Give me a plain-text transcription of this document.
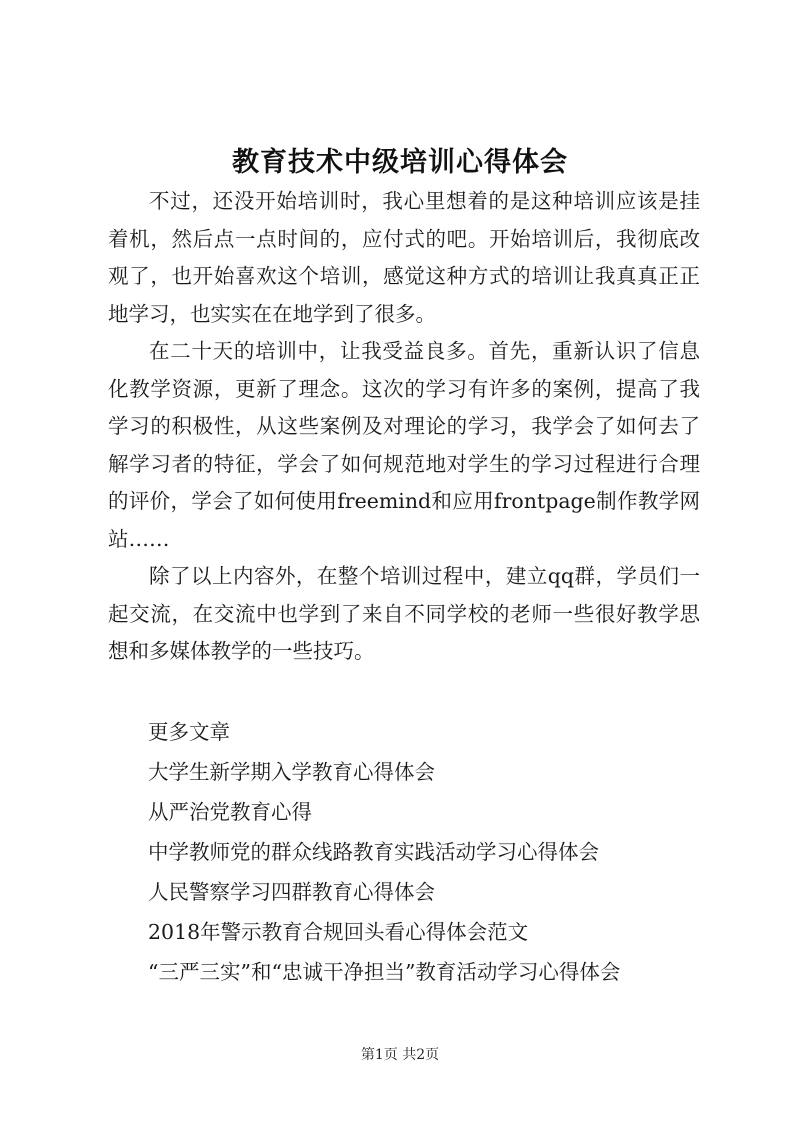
教育技术中级培训心得体会

不过，还没开始培训时，我心里想着的是这种培训应该是挂着机，然后点一点时间的，应付式的吧。开始培训后，我彻底改观了，也开始喜欢这个培训，感觉这种方式的培训让我真真正正地学习，也实实在在地学到了很多。

在二十天的培训中，让我受益良多。首先，重新认识了信息化教学资源，更新了理念。这次的学习有许多的案例，提高了我学习的积极性，从这些案例及对理论的学习，我学会了如何去了解学习者的特征，学会了如何规范地对学生的学习过程进行合理的评价，学会了如何使用freemind和应用frontpage制作教学网站……

除了以上内容外，在整个培训过程中，建立qq群，学员们一起交流，在交流中也学到了来自不同学校的老师一些很好教学思想和多媒体教学的一些技巧。

更多文章
大学生新学期入学教育心得体会
从严治党教育心得
中学教师党的群众线路教育实践活动学习心得体会
人民警察学习四群教育心得体会
2018年警示教育合规回头看心得体会范文
“三严三实”和“忠诚干净担当”教育活动学习心得体会
第1页 共2页
